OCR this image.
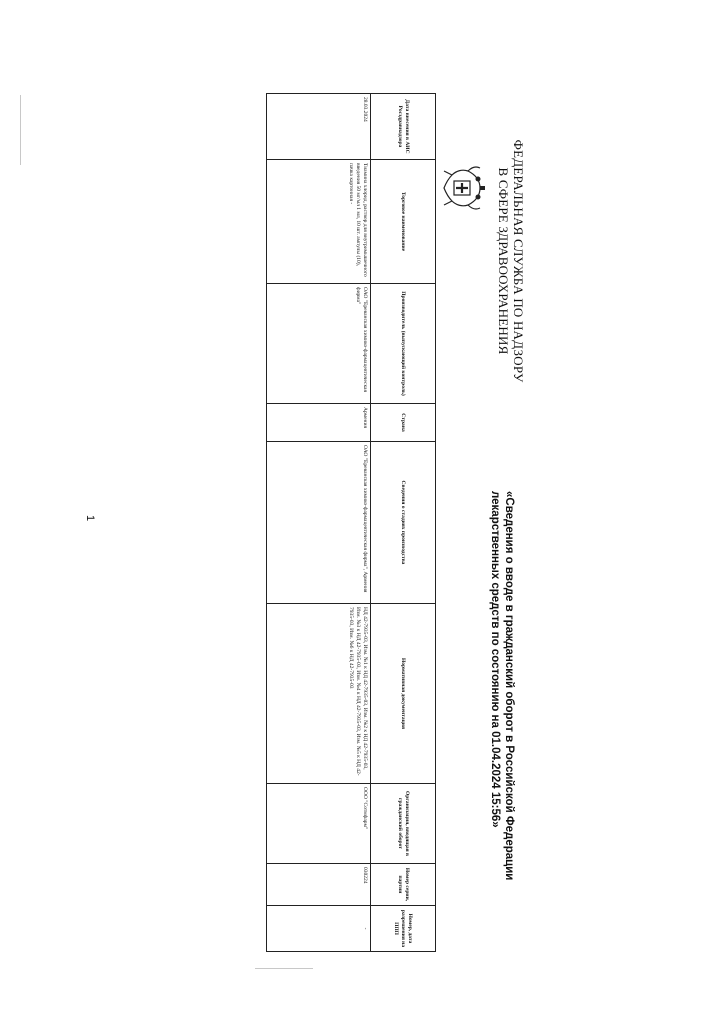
ФЕДЕРАЛЬНАЯ СЛУЖБА ПО НАДЗОРУ
В СФЕРЕ ЗДРАВООХРАНЕНИЯ
«Сведения о вводе в гражданский оборот в Российской Федерации лекарственных средств по состоянию на 01.04.2024 15:56»
Дата внесения в АИС Росздравнадзора	Торговое наименование	Производитель (выпускающий контроль)	Страна	Сведения о стадиях производства	Нормативная документация	Организация, вводящая в гражданский оборот	Номер серии, партии	Номер, дата разрешения на ППП
28.03.2024	Тиамина хлорид, раствор для внутримышечного введения 50 мг/мл 1 мл, 10 шт. ампулы (10), пачка картонная -	ОАО "Ереванская химико-фармацевтическая фирма"	Армения	ОАО "Ереванская химико-фармацевтическая фирма", Армения	НД 42-7935-03, Изм. №1 к НД 42-7935-03, Изм. №2 к НД 42-7935-03, Изм. №3 к НД 42-7935-03, Изм. №4 к НД 42-7935-03, Изм. №5 к НД 42-7935-03, Изм. №6 к НД 42-7935-03	ООО "Сотмфарм"	030224	-
1
